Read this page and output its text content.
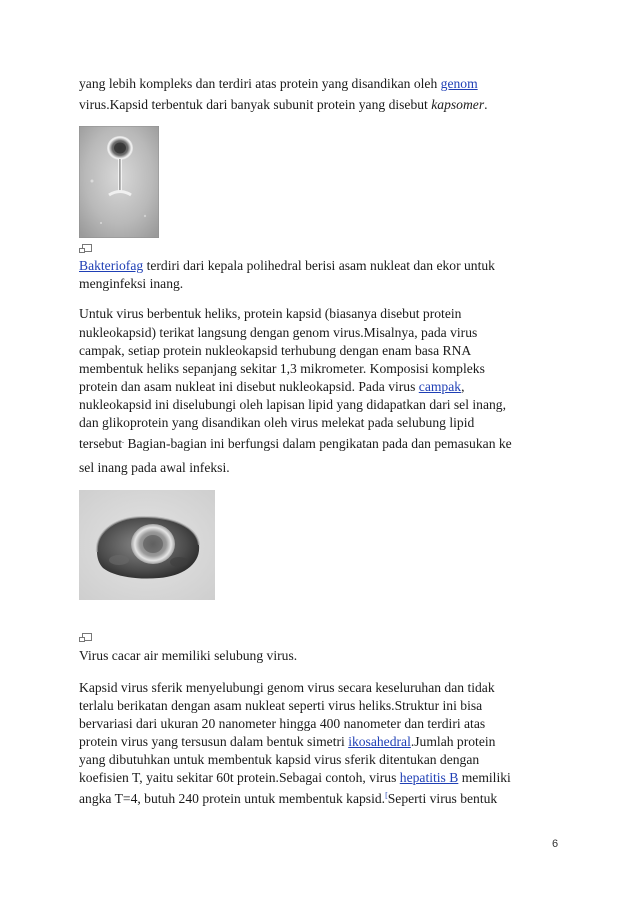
yang lebih kompleks dan terdiri atas protein yang disandikan oleh genom
virus.Kapsid terbentuk dari banyak subunit protein yang disebut kapsomer.
Bakteriofag terdiri dari kepala polihedral berisi asam nukleat dan ekor untuk
menginfeksi inang.
Untuk virus berbentuk heliks, protein kapsid (biasanya disebut protein
nukleokapsid) terikat langsung dengan genom virus.Misalnya, pada virus
campak, setiap protein nukleokapsid terhubung dengan enam basa RNA
membentuk heliks sepanjang sekitar 1,3 mikrometer. Komposisi kompleks
protein dan asam nukleat ini disebut nukleokapsid. Pada virus campak,
nukleokapsid ini diselubungi oleh lapisan lipid yang didapatkan dari sel inang,
dan glikoprotein yang disandikan oleh virus melekat pada selubung lipid
tersebut. Bagian-bagian ini berfungsi dalam pengikatan pada dan pemasukan ke
sel inang pada awal infeksi.
Virus cacar air memiliki selubung virus.
Kapsid virus sferik menyelubungi genom virus secara keseluruhan dan tidak
terlalu berikatan dengan asam nukleat seperti virus heliks.Struktur ini bisa
bervariasi dari ukuran 20 nanometer hingga 400 nanometer dan terdiri atas
protein virus yang tersusun dalam bentuk simetri ikosahedral.Jumlah protein
yang dibutuhkan untuk membentuk kapsid virus sferik ditentukan dengan
koefisien T, yaitu sekitar 60t protein.Sebagai contoh, virus hepatitis B memiliki
angka T=4, butuh 240 protein untuk membentuk kapsid.[Seperti virus bentuk
6
